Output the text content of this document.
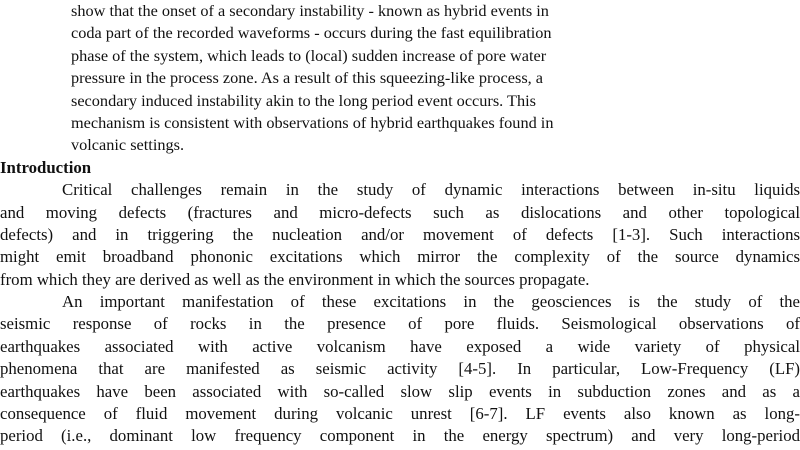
show that the onset of a secondary instability - known as hybrid events in
coda part of the recorded waveforms - occurs during the fast equilibration
phase of the system, which leads to (local) sudden increase of pore water
pressure in the process zone. As a result of this squeezing-like process, a
secondary induced instability akin to the long period event occurs. This
mechanism is consistent with observations of hybrid earthquakes found in
volcanic settings.
Introduction
Critical challenges remain in the study of dynamic interactions between in-situ liquids
and moving defects (fractures and micro-defects such as dislocations and other topological
defects) and in triggering the nucleation and/or movement of defects [1-3]. Such interactions
might emit broadband phononic excitations which mirror the complexity of the source dynamics
from which they are derived as well as the environment in which the sources propagate.
An important manifestation of these excitations in the geosciences is the study of the
seismic response of rocks in the presence of pore fluids. Seismological observations of
earthquakes associated with active volcanism have exposed a wide variety of physical
phenomena that are manifested as seismic activity [4-5]. In particular, Low-Frequency (LF)
earthquakes have been associated with so-called slow slip events in subduction zones and as a
consequence of fluid movement during volcanic unrest [6-7]. LF events also known as long-
period (i.e., dominant low frequency component in the energy spectrum) and very long-period
